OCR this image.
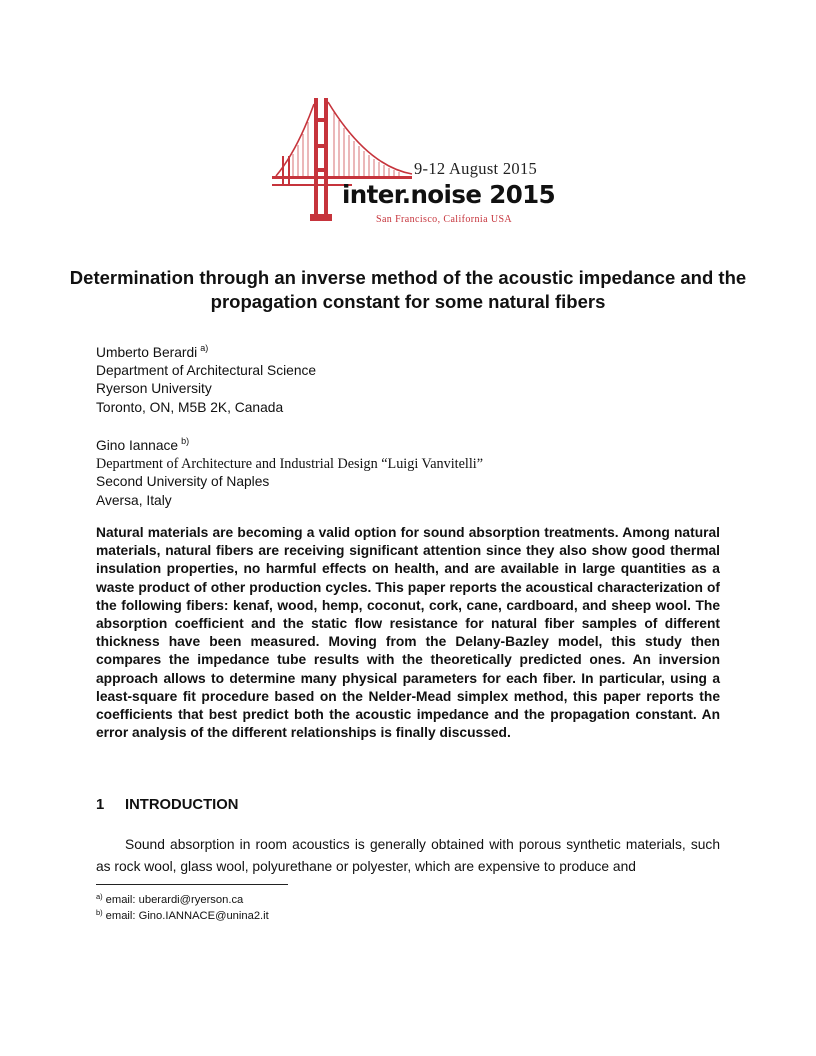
9-12 August 2015
inter.noise 2015
San Francisco, California USA
Determination through an inverse method of the acoustic impedance and the propagation constant for some natural fibers
Umberto Berardi $^{a)}$
Department of Architectural Science
Ryerson University
Toronto, ON, M5B 2K, Canada
Gino Iannace $^{b)}$
Department of Architecture and Industrial Design “Luigi Vanvitelli”
Second University of Naples
Aversa, Italy

Natural materials are becoming a valid option for sound absorption treatments. Among natural materials, natural fibers are receiving significant attention since they also show good thermal insulation properties, no harmful effects on health, and are available in large quantities as a waste product of other production cycles. This paper reports the acoustical characterization of the following fibers: kenaf, wood, hemp, coconut, cork, cane, cardboard, and sheep wool. The absorption coefficient and the static flow resistance for natural fiber samples of different thickness have been measured. Moving from the Delany-Bazley model, this study then compares the impedance tube results with the theoretically predicted ones. An inversion approach allows to determine many physical parameters for each fiber. In particular, using a least-square fit procedure based on the Nelder-Mead simplex method, this paper reports the coefficients that best predict both the acoustic impedance and the propagation constant. An error analysis of the different relationships is finally discussed.

1 INTRODUCTION

Sound absorption in room acoustics is generally obtained with porous synthetic materials, such as rock wool, glass wool, polyurethane or polyester, which are expensive to produce and

$^{a)}$ email: uberardi@ryerson.ca
$^{b)}$ email: Gino.IANNACE@unina2.it
